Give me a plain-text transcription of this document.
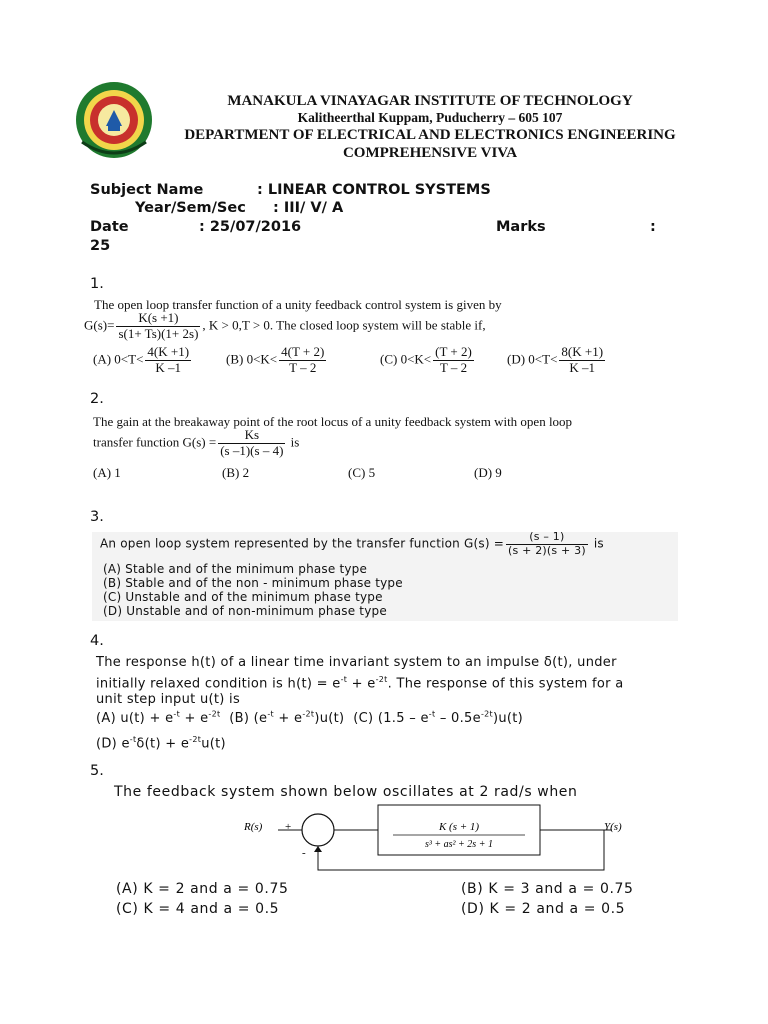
MANAKULA VINAYAGAR INSTITUTE OF TECHNOLOGY
Kalitheerthal Kuppam, Puducherry – 605 107
DEPARTMENT OF ELECTRICAL AND ELECTRONICS ENGINEERING
COMPREHENSIVE VIVA
Subject Name	: LINEAR CONTROL SYSTEMS
Year/Sem/Sec : III/ V/ A
Date	: 25/07/2016	Marks	:
25
1.
The open loop transfer function of a unity feedback control system is given by
$G(s)= \frac{K(s +1)}{s(1+ Ts)(1+ 2s)}$ , K > 0,T > 0. The closed loop system will be stable if,
(A) $0<T< \frac{4(K +1)}{K -1}$	(B) $0<K< \frac{4(T + 2)}{T - 2}$	(C) $0<K< \frac{(T + 2)}{T - 2}$	(D) $0<T< \frac{8(K +1)}{K -1}$
2.
The gain at the breakaway point of the root locus of a unity feedback system with open loop
transfer function $G(s) = \frac{Ks}{(s -1)(s - 4)}$ is
(A) 1	(B) 2	(C) 5	(D) 9
3.
An open loop system represented by the transfer function $G(s) = \frac{(s - 1)}{(s + 2)(s + 3)}$ is
(A) Stable and of the minimum phase type
(B) Stable and of the non - minimum phase type
(C) Unstable and of the minimum phase type
(D) Unstable and of non-minimum phase type
4.
The response h(t) of a linear time invariant system to an impulse δ(t), under
initially relaxed condition is $h(t) = e^{-t} + e^{-2t}$. The response of this system for a
unit step input u(t) is
(A) $u(t) + e^{-t} + e^{-2t}$ (B) $(e^{-t} + e^{-2t})u(t)$ (C) $(1.5 - e^{-t} - 0.5e^{-2t})u(t)$
(D) $e^{-t}\delta(t) + e^{-2t}u(t)$
5.
The feedback system shown below oscillates at 2 rad/s when
R(s) +	K (s + 1)
s³ + as² + 2s + 1
Y(s)
-
(A) K = 2 and a = 0.75	(B) K = 3 and a = 0.75
(C) K = 4 and a = 0.5	(D) K = 2 and a = 0.5
